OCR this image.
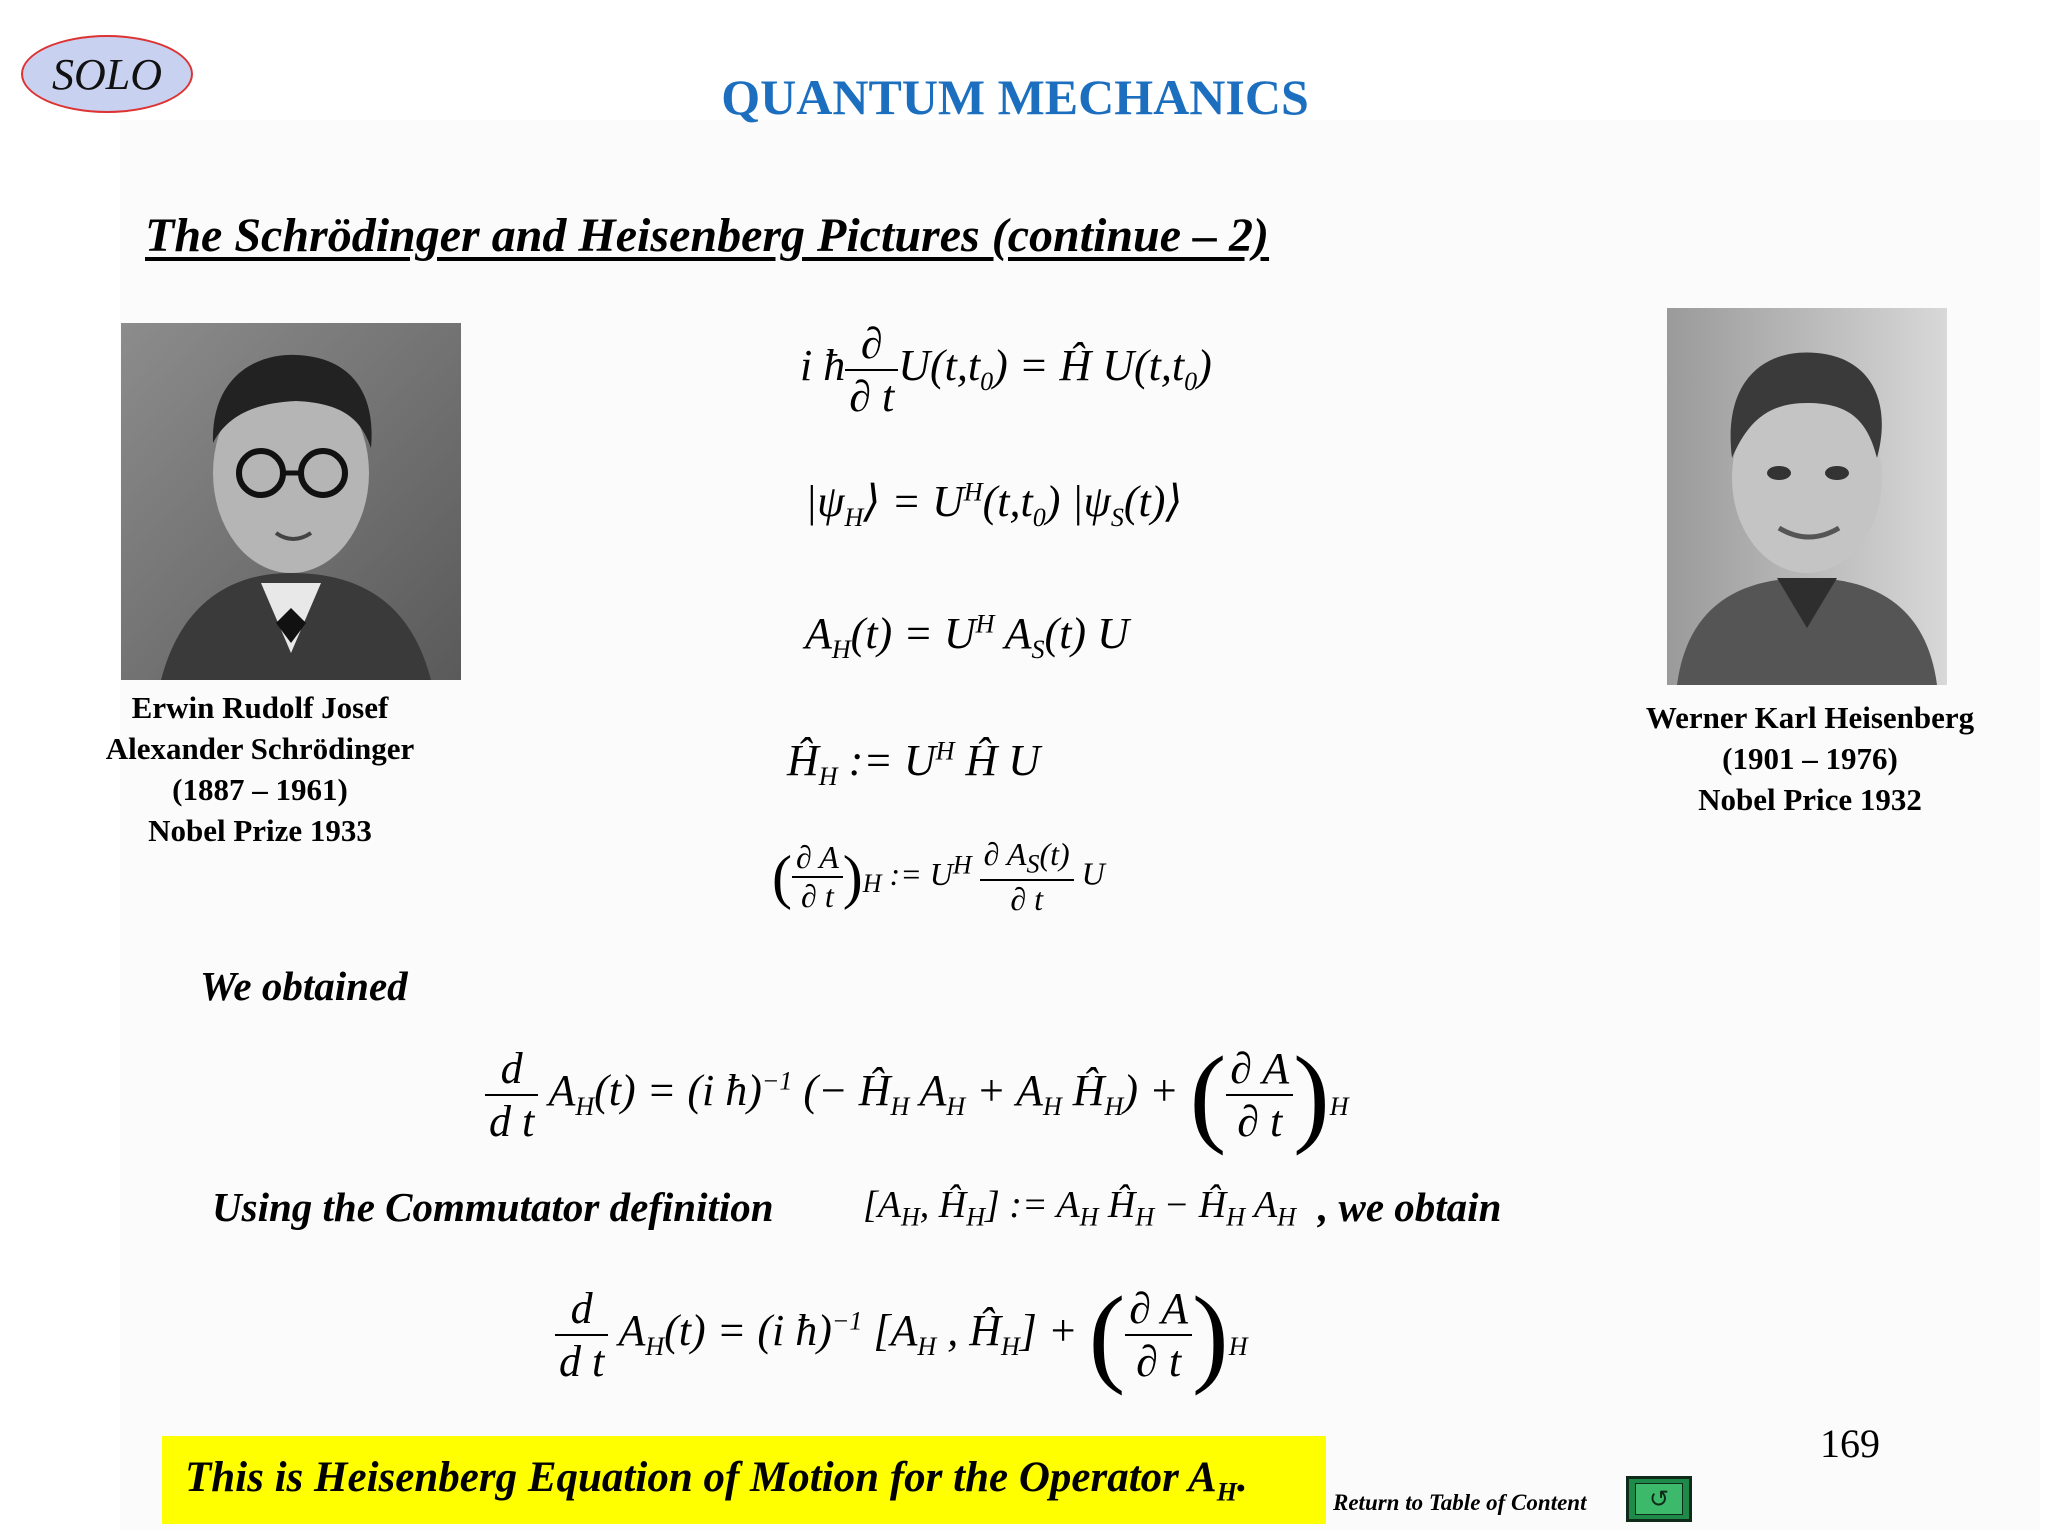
SOLO	QUANTUM MECHANICS
The Schrödinger and Heisenberg Pictures (continue – 2)
Erwin Rudolf Josef
Alexander Schrödinger
(1887 – 1961)
Nobel Prize 1933
Werner Karl Heisenberg
(1901 – 1976)
Nobel Price 1932
i ħ $\frac{\partial}{\partial t} U(t,t_0)$ = Ĥ $U(t,t_0)$
$|\psi_H⟩ = U^H(t,t_0)$ $|\psi_S(t)⟩$
$A_H(t) = U^H$ $A_S(t)$ U
$Ĥ_H$ := $U^H$ Ĥ U
( $\frac{\partial A}{\partial t} )_H$ := $U^H \frac{\partial A_S(t)}{\partial t}$ U
We obtained
$\frac{d}{\text{d t}} A_H(t) = (i$ ħ)$^{-1}$ (− $Ĥ_H$ $A_H + A_H$ $Ĥ_H$) + ( $\frac{\partial A}{\partial t} )_H$
Using the Commutator definition [$A_H$, $Ĥ_H$] := $A_H$ $Ĥ_H$ − $Ĥ_H$ $A_H$ , we obtain
$\frac{d}{\text{d t}} A_H(t) = (i$ ħ)$^{-1}$ [$A_H$ , $Ĥ_H$] + ( $\frac{\partial A}{\partial t} )_H$
This is Heisenberg Equation of Motion for the Operator $A_H$.
169
Return to Table of Content	↺
